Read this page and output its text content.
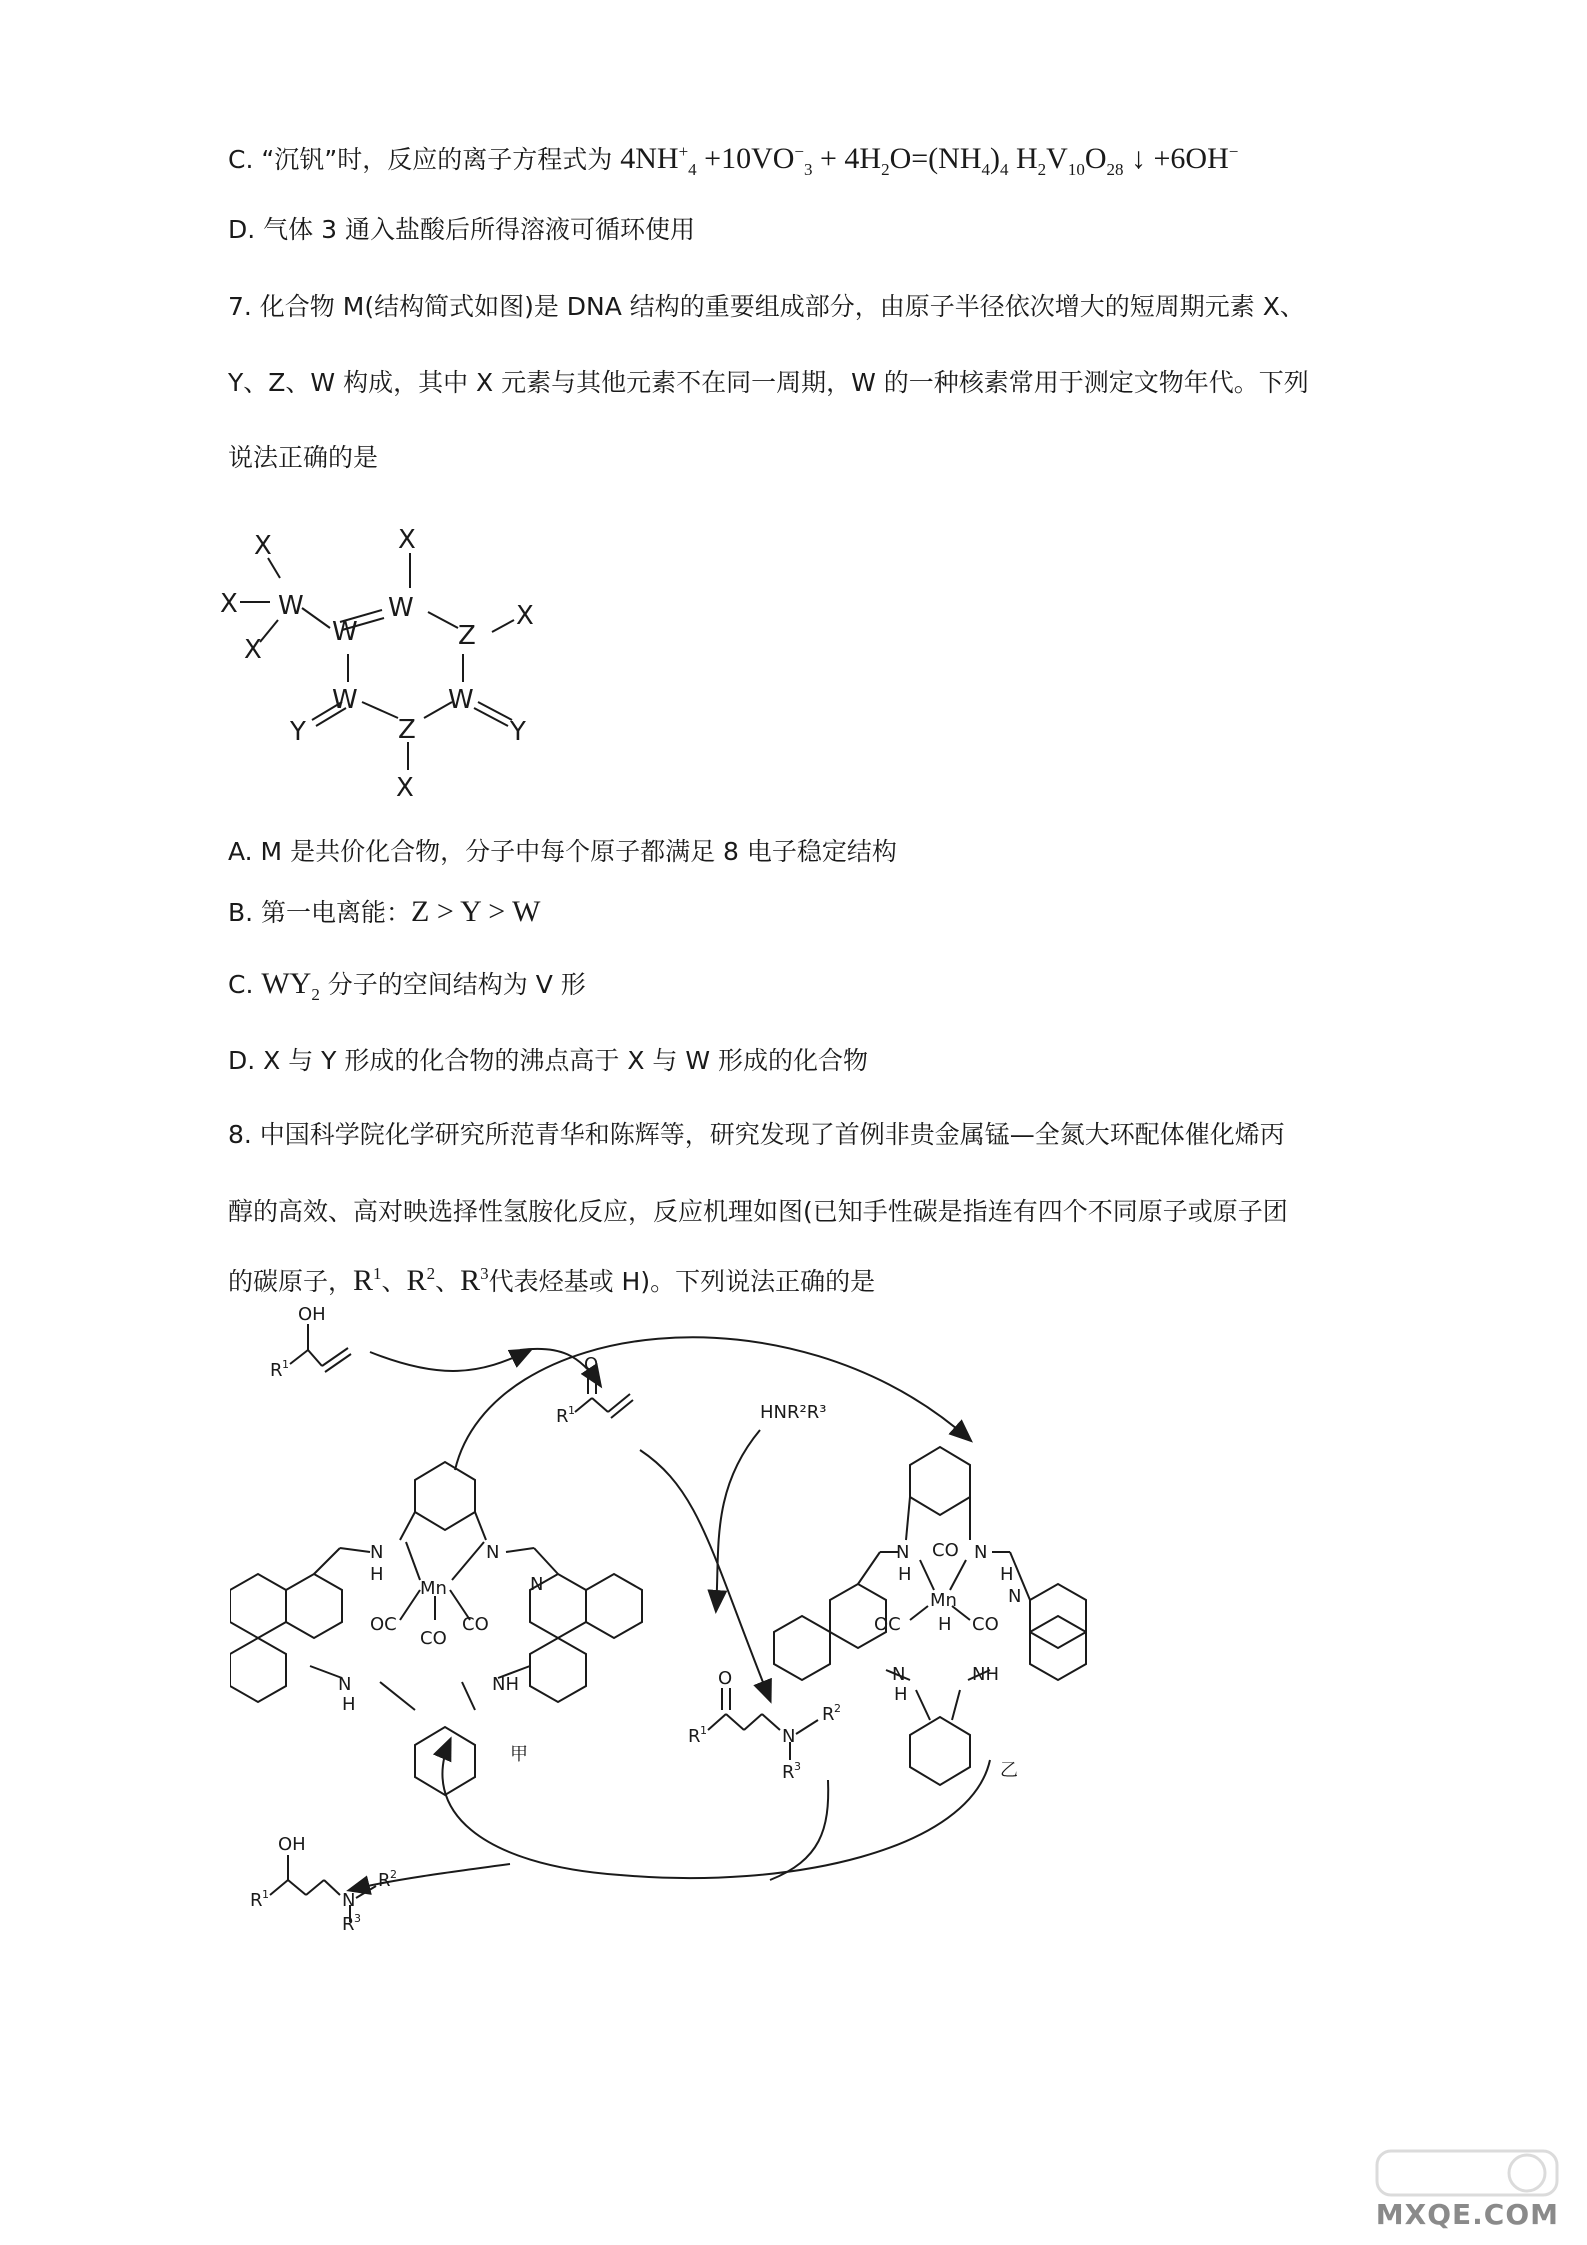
C. “沉钒”时，反应的离子方程式为 $4NH^+_4 +10VO^-_3 + 4H_2O=(NH_4)_4$ $H_2V_{10}O_{28}$ ↓ +6OH−
D. 气体 3 通入盐酸后所得溶液可循环使用
7. 化合物 M(结构简式如图)是 DNA 结构的重要组成部分，由原子半径依次增大的短周期元素 X、
Y、Z、W 构成，其中 X 元素与其他元素不在同一周期，W 的一种核素常用于测定文物年代。下列
说法正确的是
X
X
X
W
W
X
W
Z
X
W	W
Y	Z	Y
X
A. M 是共价化合物，分子中每个原子都满足 8 电子稳定结构
B. 第一电离能：Z > Y > W
C. $WY_2$ 分子的空间结构为 V 形
D. X 与 Y 形成的化合物的沸点高于 X 与 W 形成的化合物
8. 中国科学院化学研究所范青华和陈辉等，研究发现了首例非贵金属锰—全氮大环配体催化烯丙
醇的高效、高对映选择性氢胺化反应，反应机理如图(已知手性碳是指连有四个不同原子或原子团
的碳原子，$R^1$、$R^2$、$R^3$代表烃基或 H)。下列说法正确的是
OH
R 1	O
R 1	HNR²R³
N
H
Mn
N
OC	CO
CO
N
N
H
NH
甲
N
H
CO N
H
Mn
OC	CO
H
N
N
H
NH
乙
O
R 1	N
R 2
R 3
OH
R 1	N
R 2
R 3
MXQE.COM
